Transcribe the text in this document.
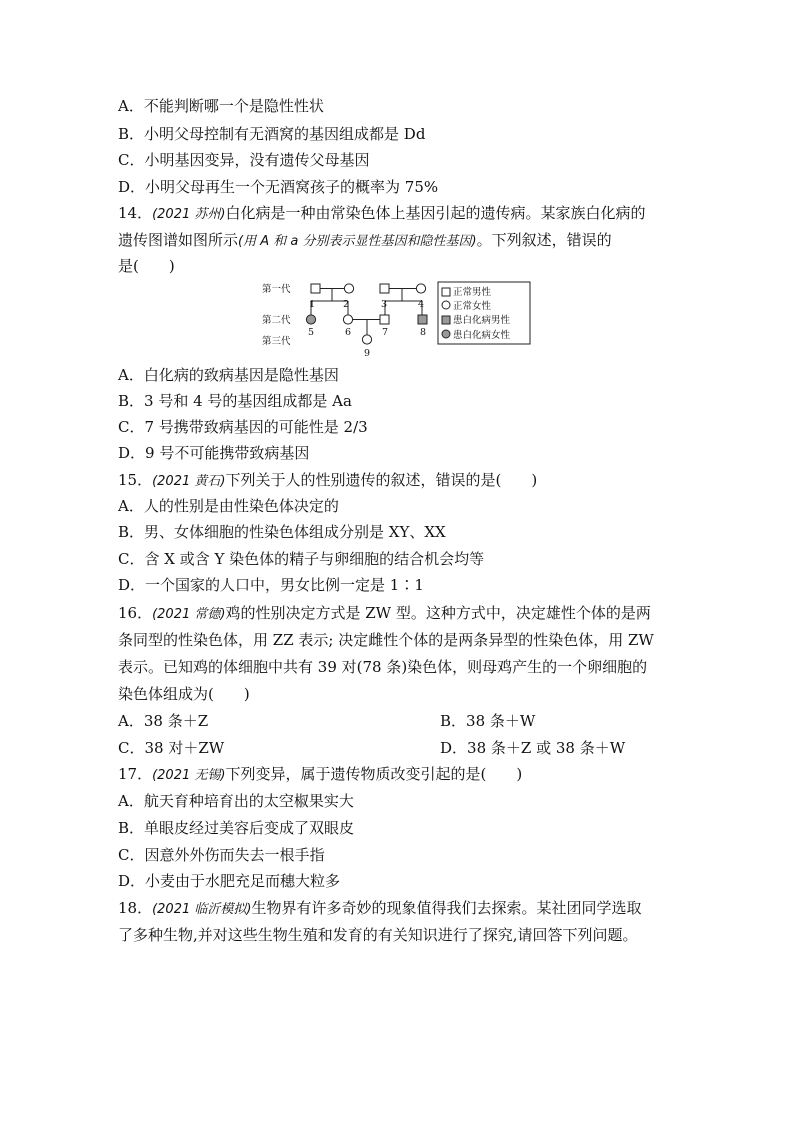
A．不能判断哪一个是隐性性状
B．小明父母控制有无酒窝的基因组成都是 Dd
C．小明基因变异，没有遗传父母基因
D．小明父母再生一个无酒窝孩子的概率为 75%
14．(2021 苏州)白化病是一种由常染色体上基因引起的遗传病。某家族白化病的
遗传图谱如图所示(用 A 和 a 分别表示显性基因和隐性基因)。下列叙述，错误的
是(　　)
第一代
第二代
第三代
1	2	3	4
5	6	7	8
9
正常男性
正常女性
患白化病男性
患白化病女性
A．白化病的致病基因是隐性基因
B．3 号和 4 号的基因组成都是 Aa
C．7 号携带致病基因的可能性是 2/3
D．9 号不可能携带致病基因
15．(2021 黄石)下列关于人的性别遗传的叙述，错误的是(　　)
A．人的性别是由性染色体决定的
B．男、女体细胞的性染色体组成分别是 XY、XX
C．含 X 或含 Y 染色体的精子与卵细胞的结合机会均等
D．一个国家的人口中，男女比例一定是 1∶1
16．(2021 常德)鸡的性别决定方式是 ZW 型。这种方式中，决定雄性个体的是两
条同型的性染色体，用 ZZ 表示; 决定雌性个体的是两条异型的性染色体，用 ZW
表示。已知鸡的体细胞中共有 39 对(78 条)染色体，则母鸡产生的一个卵细胞的
染色体组成为(　　)
A．38 条＋Z	B．38 条＋W
C．38 对＋ZW	D．38 条＋Z 或 38 条＋W
17．(2021 无锡)下列变异，属于遗传物质改变引起的是(　　)
A．航天育种培育出的太空椒果实大
B．单眼皮经过美容后变成了双眼皮
C．因意外外伤而失去一根手指
D．小麦由于水肥充足而穗大粒多
18．(2021 临沂模拟)生物界有许多奇妙的现象值得我们去探索。某社团同学选取
了多种生物,并对这些生物生殖和发育的有关知识进行了探究,请回答下列问题。
